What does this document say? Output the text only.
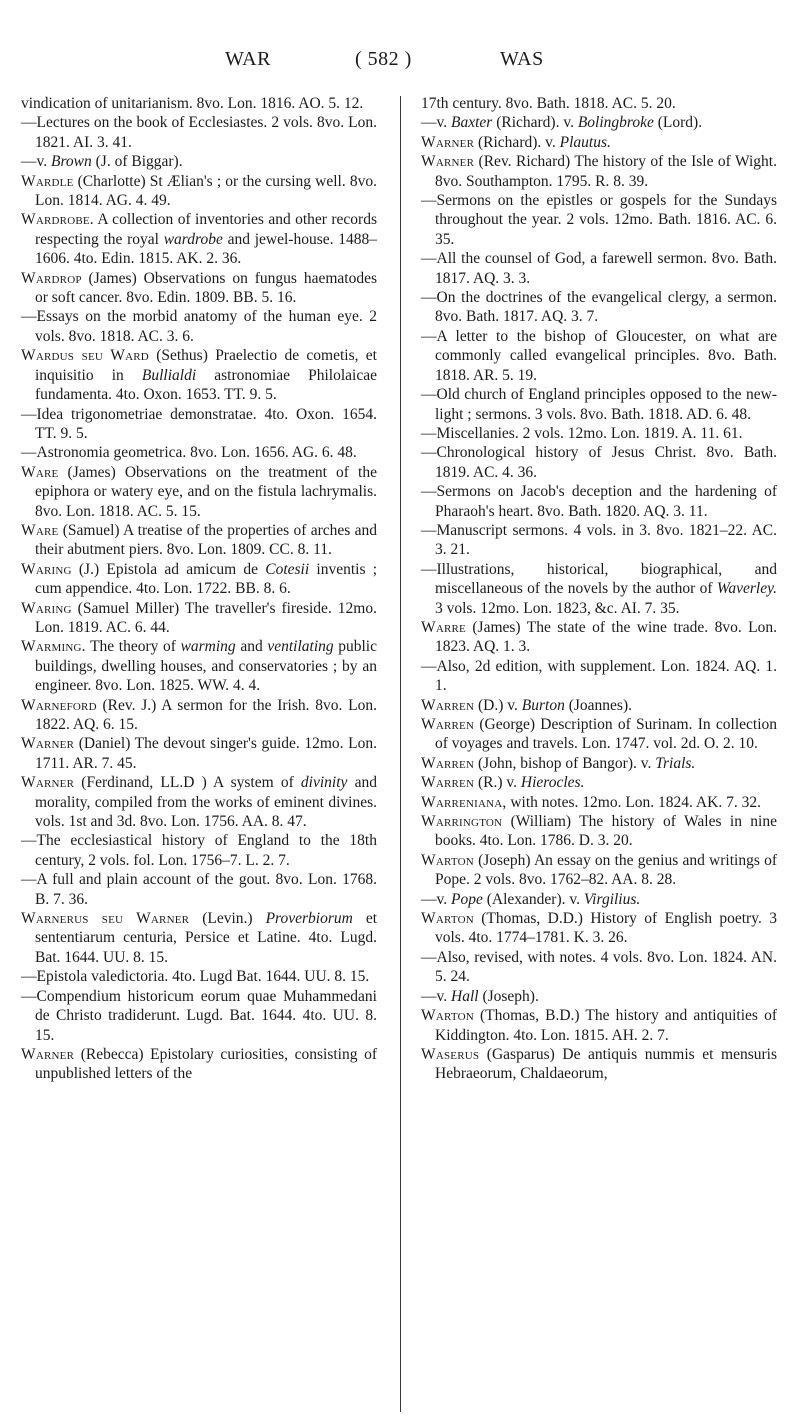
WAR	( 582 )	WAS

vindication of unitarianism. 8vo. Lon. 1816. AO. 5. 12.

—Lectures on the book of Ecclesiastes. 2 vols. 8vo. Lon. 1821. AI. 3. 41.

—v. Brown (J. of Biggar).

Wardle (Charlotte) St Ælian's ; or the cursing well. 8vo. Lon. 1814. AG. 4. 49.

Wardrobe. A collection of inventories and other records respecting the royal wardrobe and jewel-house. 1488–1606. 4to. Edin. 1815. AK. 2. 36.

Wardrop (James) Observations on fungus haematodes or soft cancer. 8vo. Edin. 1809. BB. 5. 16.

—Essays on the morbid anatomy of the human eye. 2 vols. 8vo. 1818. AC. 3. 6.

Wardus seu Ward (Sethus) Praelectio de cometis, et inquisitio in Bullialdi astronomiae Philolaicae fundamenta. 4to. Oxon. 1653. TT. 9. 5.

—Idea trigonometriae demonstratae. 4to. Oxon. 1654. TT. 9. 5.

—Astronomia geometrica. 8vo. Lon. 1656. AG. 6. 48.

Ware (James) Observations on the treatment of the epiphora or watery eye, and on the fistula lachrymalis. 8vo. Lon. 1818. AC. 5. 15.

Ware (Samuel) A treatise of the properties of arches and their abutment piers. 8vo. Lon. 1809. CC. 8. 11.

Waring (J.) Epistola ad amicum de Cotesii inventis ; cum appendice. 4to. Lon. 1722. BB. 8. 6.

Waring (Samuel Miller) The traveller's fireside. 12mo. Lon. 1819. AC. 6. 44.

Warming. The theory of warming and ventilating public buildings, dwelling houses, and conservatories ; by an engineer. 8vo. Lon. 1825. WW. 4. 4.

Warneford (Rev. J.) A sermon for the Irish. 8vo. Lon. 1822. AQ. 6. 15.

Warner (Daniel) The devout singer's guide. 12mo. Lon. 1711. AR. 7. 45.

Warner (Ferdinand, LL.D ) A system of divinity and morality, compiled from the works of eminent divines. vols. 1st and 3d. 8vo. Lon. 1756. AA. 8. 47.

—The ecclesiastical history of England to the 18th century, 2 vols. fol. Lon. 1756–7. L. 2. 7.

—A full and plain account of the gout. 8vo. Lon. 1768. B. 7. 36.

Warnerus seu Warner (Levin.) Proverbiorum et sententiarum centuria, Persice et Latine. 4to. Lugd. Bat. 1644. UU. 8. 15.

—Epistola valedictoria. 4to. Lugd Bat. 1644. UU. 8. 15.

—Compendium historicum eorum quae Muhammedani de Christo tradiderunt. Lugd. Bat. 1644. 4to. UU. 8. 15.

Warner (Rebecca) Epistolary curiosities, consisting of unpublished letters of the

17th century. 8vo. Bath. 1818. AC. 5. 20.

—v. Baxter (Richard). v. Bolingbroke (Lord).

Warner (Richard). v. Plautus.

Warner (Rev. Richard) The history of the Isle of Wight. 8vo. Southampton. 1795. R. 8. 39.

—Sermons on the epistles or gospels for the Sundays throughout the year. 2 vols. 12mo. Bath. 1816. AC. 6. 35.

—All the counsel of God, a farewell sermon. 8vo. Bath. 1817. AQ. 3. 3.

—On the doctrines of the evangelical clergy, a sermon. 8vo. Bath. 1817. AQ. 3. 7.

—A letter to the bishop of Gloucester, on what are commonly called evangelical principles. 8vo. Bath. 1818. AR. 5. 19.

—Old church of England principles opposed to the new-light ; sermons. 3 vols. 8vo. Bath. 1818. AD. 6. 48.

—Miscellanies. 2 vols. 12mo. Lon. 1819. A. 11. 61.

—Chronological history of Jesus Christ. 8vo. Bath. 1819. AC. 4. 36.

—Sermons on Jacob's deception and the hardening of Pharaoh's heart. 8vo. Bath. 1820. AQ. 3. 11.

—Manuscript sermons. 4 vols. in 3. 8vo. 1821–22. AC. 3. 21.

—Illustrations, historical, biographical, and miscellaneous of the novels by the author of Waverley. 3 vols. 12mo. Lon. 1823, &c. AI. 7. 35.

Warre (James) The state of the wine trade. 8vo. Lon. 1823. AQ. 1. 3.

—Also, 2d edition, with supplement. Lon. 1824. AQ. 1. 1.

Warren (D.) v. Burton (Joannes).

Warren (George) Description of Surinam. In collection of voyages and travels. Lon. 1747. vol. 2d. O. 2. 10.

Warren (John, bishop of Bangor). v. Trials.

Warren (R.) v. Hierocles.

Warreniana, with notes. 12mo. Lon. 1824. AK. 7. 32.

Warrington (William) The history of Wales in nine books. 4to. Lon. 1786. D. 3. 20.

Warton (Joseph) An essay on the genius and writings of Pope. 2 vols. 8vo. 1762–82. AA. 8. 28.

—v. Pope (Alexander). v. Virgilius.

Warton (Thomas, D.D.) History of English poetry. 3 vols. 4to. 1774–1781. K. 3. 26.

—Also, revised, with notes. 4 vols. 8vo. Lon. 1824. AN. 5. 24.

—v. Hall (Joseph).

Warton (Thomas, B.D.) The history and antiquities of Kiddington. 4to. Lon. 1815. AH. 2. 7.

Waserus (Gasparus) De antiquis nummis et mensuris Hebraeorum, Chaldaeorum,
